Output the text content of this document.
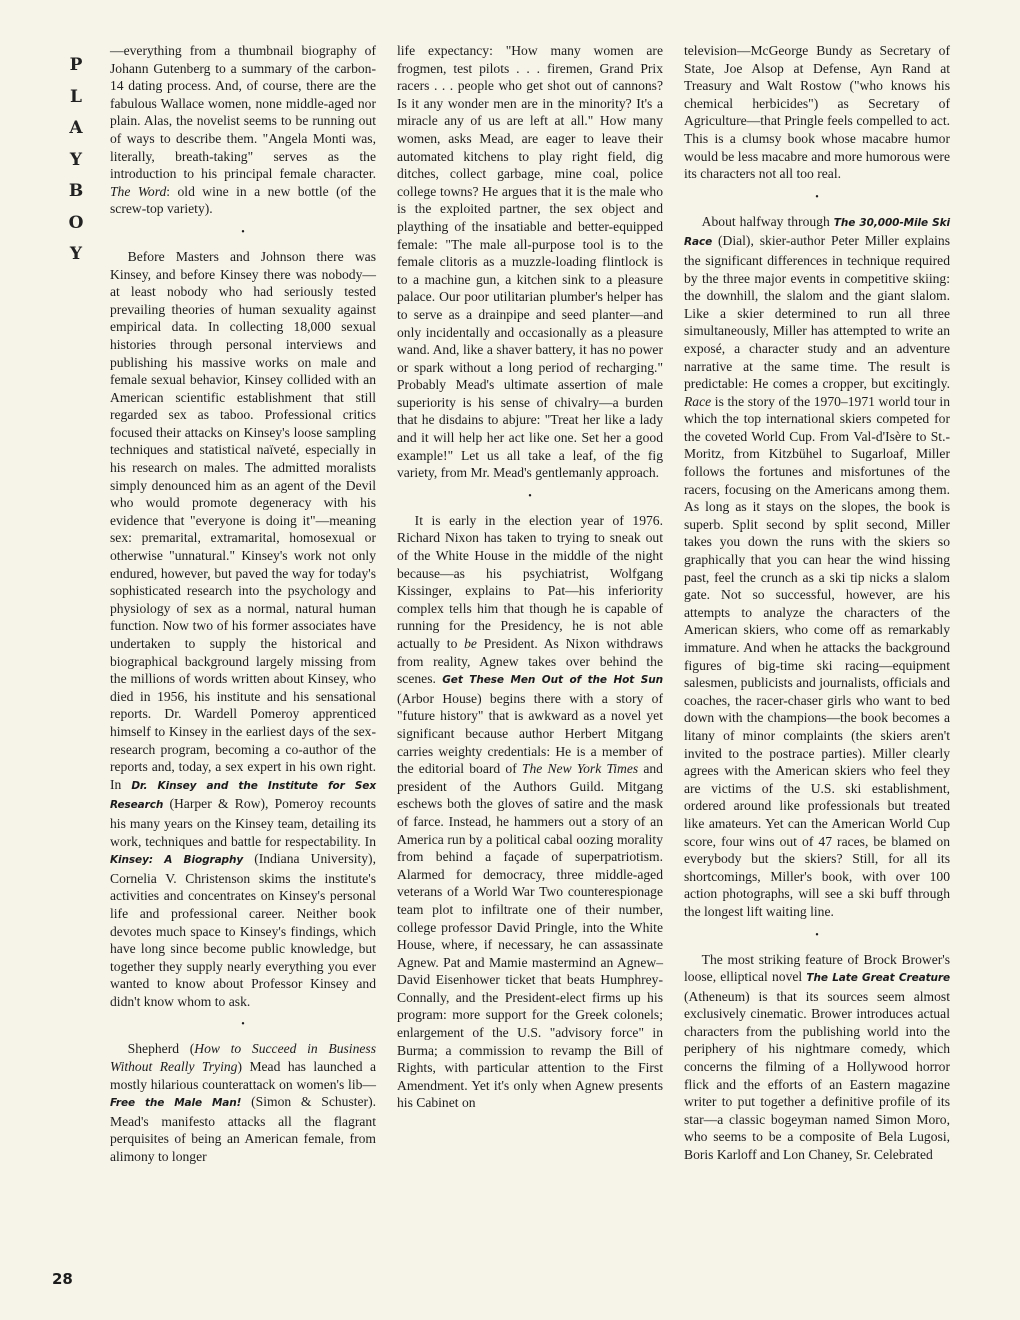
P
L
A
Y
B
O
Y
28

—everything from a thumbnail biography of Johann Gutenberg to a summary of the carbon-14 dating process. And, of course, there are the fabulous Wallace women, none middle-aged nor plain. Alas, the novelist seems to be running out of ways to describe them. "Angela Monti was, literally, breath-taking" serves as the introduction to his principal female character. The Word: old wine in a new bottle (of the screw-top variety).

•

Before Masters and Johnson there was Kinsey, and before Kinsey there was nobody—at least nobody who had seriously tested prevailing theories of human sexuality against empirical data. In collecting 18,000 sexual histories through personal interviews and publishing his massive works on male and female sexual behavior, Kinsey collided with an American scientific establishment that still regarded sex as taboo. Professional critics focused their attacks on Kinsey's loose sampling techniques and statistical naïveté, especially in his research on males. The admitted moralists simply denounced him as an agent of the Devil who would promote degeneracy with his evidence that "everyone is doing it"—meaning sex: premarital, extramarital, homosexual or otherwise "unnatural." Kinsey's work not only endured, however, but paved the way for today's sophisticated research into the psychology and physiology of sex as a normal, natural human function. Now two of his former associates have undertaken to supply the historical and biographical background largely missing from the millions of words written about Kinsey, who died in 1956, his institute and his sensational reports. Dr. Wardell Pomeroy apprenticed himself to Kinsey in the earliest days of the sex-research program, becoming a co-author of the reports and, today, a sex expert in his own right. In Dr. Kinsey and the Institute for Sex Research (Harper & Row), Pomeroy recounts his many years on the Kinsey team, detailing its work, techniques and battle for respectability. In Kinsey: A Biography (Indiana University), Cornelia V. Christenson skims the institute's activities and concentrates on Kinsey's personal life and professional career. Neither book devotes much space to Kinsey's findings, which have long since become public knowledge, but together they supply nearly everything you ever wanted to know about Professor Kinsey and didn't know whom to ask.

•

Shepherd (How to Succeed in Business Without Really Trying) Mead has launched a mostly hilarious counterattack on women's lib—Free the Male Man! (Simon & Schuster). Mead's manifesto attacks all the flagrant perquisites of being an American female, from alimony to longer

life expectancy: "How many women are frogmen, test pilots . . . firemen, Grand Prix racers . . . people who get shot out of cannons? Is it any wonder men are in the minority? It's a miracle any of us are left at all." How many women, asks Mead, are eager to leave their automated kitchens to play right field, dig ditches, collect garbage, mine coal, police college towns? He argues that it is the male who is the exploited partner, the sex object and plaything of the insatiable and better-equipped female: "The male all-purpose tool is to the female clitoris as a muzzle-loading flintlock is to a machine gun, a kitchen sink to a pleasure palace. Our poor utilitarian plumber's helper has to serve as a drainpipe and seed planter—and only incidentally and occasionally as a pleasure wand. And, like a shaver battery, it has no power or spark without a long period of recharging." Probably Mead's ultimate assertion of male superiority is his sense of chivalry—a burden that he disdains to abjure: "Treat her like a lady and it will help her act like one. Set her a good example!" Let us all take a leaf, of the fig variety, from Mr. Mead's gentlemanly approach.

•

It is early in the election year of 1976. Richard Nixon has taken to trying to sneak out of the White House in the middle of the night because—as his psychiatrist, Wolfgang Kissinger, explains to Pat—his inferiority complex tells him that though he is capable of running for the Presidency, he is not able actually to be President. As Nixon withdraws from reality, Agnew takes over behind the scenes. Get These Men Out of the Hot Sun (Arbor House) begins there with a story of "future history" that is awkward as a novel yet significant because author Herbert Mitgang carries weighty credentials: He is a member of the editorial board of The New York Times and president of the Authors Guild. Mitgang eschews both the gloves of satire and the mask of farce. Instead, he hammers out a story of an America run by a political cabal oozing morality from behind a façade of superpatriotism. Alarmed for democracy, three middle-aged veterans of a World War Two counterespionage team plot to infiltrate one of their number, college professor David Pringle, into the White House, where, if necessary, he can assassinate Agnew. Pat and Mamie mastermind an Agnew–David Eisenhower ticket that beats Humphrey-Connally, and the President-elect firms up his program: more support for the Greek colonels; enlargement of the U.S. "advisory force" in Burma; a commission to revamp the Bill of Rights, with particular attention to the First Amendment. Yet it's only when Agnew presents his Cabinet on

television—McGeorge Bundy as Secretary of State, Joe Alsop at Defense, Ayn Rand at Treasury and Walt Rostow ("who knows his chemical herbicides") as Secretary of Agriculture—that Pringle feels compelled to act. This is a clumsy book whose macabre humor would be less macabre and more humorous were its characters not all too real.

•

About halfway through The 30,000-Mile Ski Race (Dial), skier-author Peter Miller explains the significant differences in technique required by the three major events in competitive skiing: the downhill, the slalom and the giant slalom. Like a skier determined to run all three simultaneously, Miller has attempted to write an exposé, a character study and an adventure narrative at the same time. The result is predictable: He comes a cropper, but excitingly. Race is the story of the 1970–1971 world tour in which the top international skiers competed for the coveted World Cup. From Val-d'Isère to St.-Moritz, from Kitzbühel to Sugarloaf, Miller follows the fortunes and misfortunes of the racers, focusing on the Americans among them. As long as it stays on the slopes, the book is superb. Split second by split second, Miller takes you down the runs with the skiers so graphically that you can hear the wind hissing past, feel the crunch as a ski tip nicks a slalom gate. Not so successful, however, are his attempts to analyze the characters of the American skiers, who come off as remarkably immature. And when he attacks the background figures of big-time ski racing—equipment salesmen, publicists and journalists, officials and coaches, the racer-chaser girls who want to bed down with the champions—the book becomes a litany of minor complaints (the skiers aren't invited to the postrace parties). Miller clearly agrees with the American skiers who feel they are victims of the U.S. ski establishment, ordered around like professionals but treated like amateurs. Yet can the American World Cup score, four wins out of 47 races, be blamed on everybody but the skiers? Still, for all its shortcomings, Miller's book, with over 100 action photographs, will see a ski buff through the longest lift waiting line.

•

The most striking feature of Brock Brower's loose, elliptical novel The Late Great Creature (Atheneum) is that its sources seem almost exclusively cinematic. Brower introduces actual characters from the publishing world into the periphery of his nightmare comedy, which concerns the filming of a Hollywood horror flick and the efforts of an Eastern magazine writer to put together a definitive profile of its star—a classic bogeyman named Simon Moro, who seems to be a composite of Bela Lugosi, Boris Karloff and Lon Chaney, Sr. Celebrated
